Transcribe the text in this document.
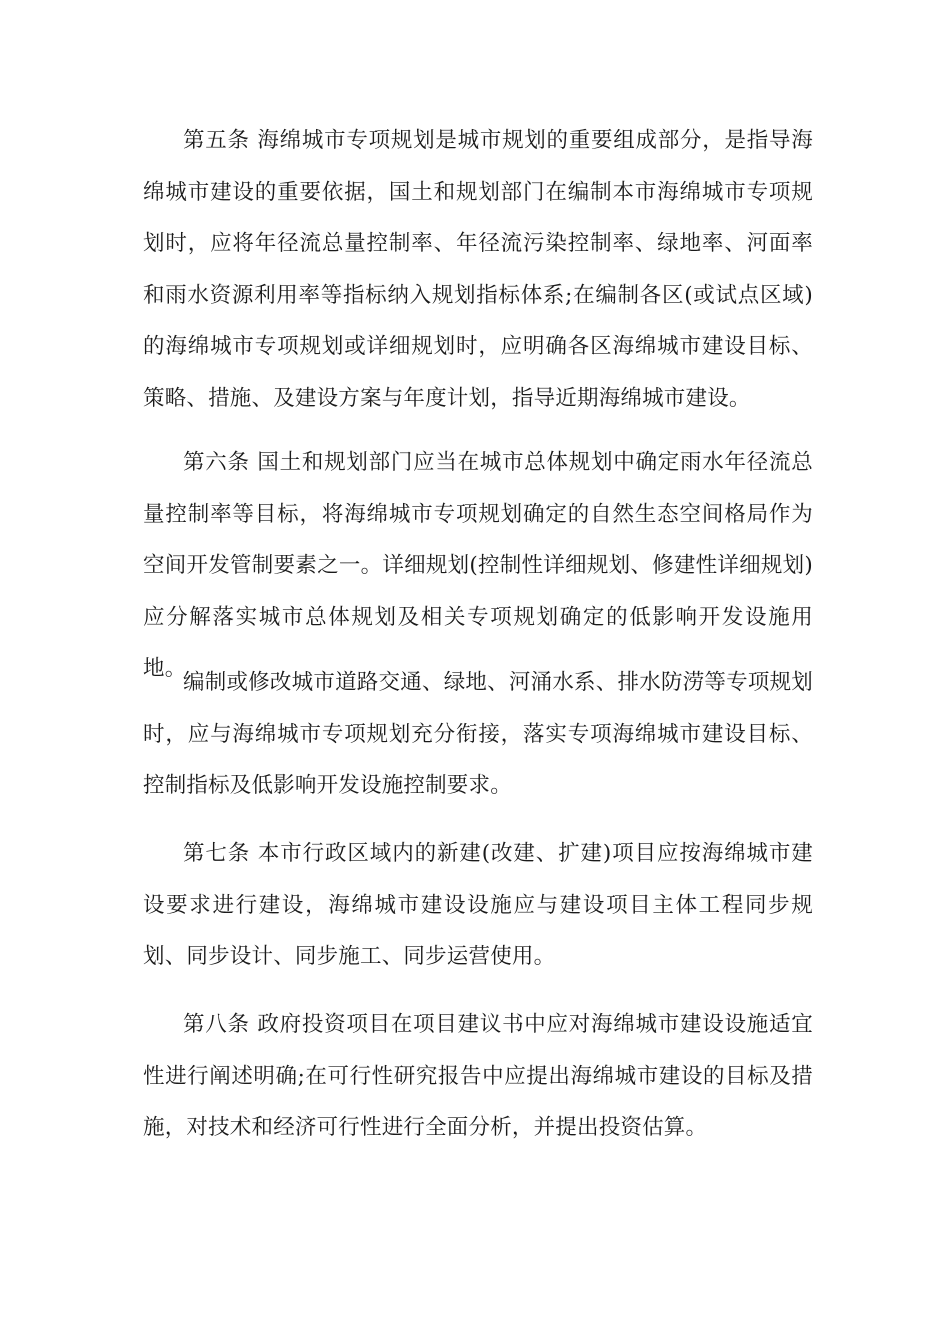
第五条 海绵城市专项规划是城市规划的重要组成部分，是指导海绵城市建设的重要依据，国土和规划部门在编制本市海绵城市专项规划时，应将年径流总量控制率、年径流污染控制率、绿地率、河面率和雨水资源利用率等指标纳入规划指标体系;在编制各区(或试点区域)的海绵城市专项规划或详细规划时，应明确各区海绵城市建设目标、策略、措施、及建设方案与年度计划，指导近期海绵城市建设。

第六条 国土和规划部门应当在城市总体规划中确定雨水年径流总量控制率等目标，将海绵城市专项规划确定的自然生态空间格局作为空间开发管制要素之一。详细规划(控制性详细规划、修建性详细规划)应分解落实城市总体规划及相关专项规划确定的低影响开发设施用地。

编制或修改城市道路交通、绿地、河涌水系、排水防涝等专项规划时，应与海绵城市专项规划充分衔接，落实专项海绵城市建设目标、控制指标及低影响开发设施控制要求。

第七条 本市行政区域内的新建(改建、扩建)项目应按海绵城市建设要求进行建设，海绵城市建设设施应与建设项目主体工程同步规划、同步设计、同步施工、同步运营使用。

第八条 政府投资项目在项目建议书中应对海绵城市建设设施适宜性进行阐述明确;在可行性研究报告中应提出海绵城市建设的目标及措施，对技术和经济可行性进行全面分析，并提出投资估算。
